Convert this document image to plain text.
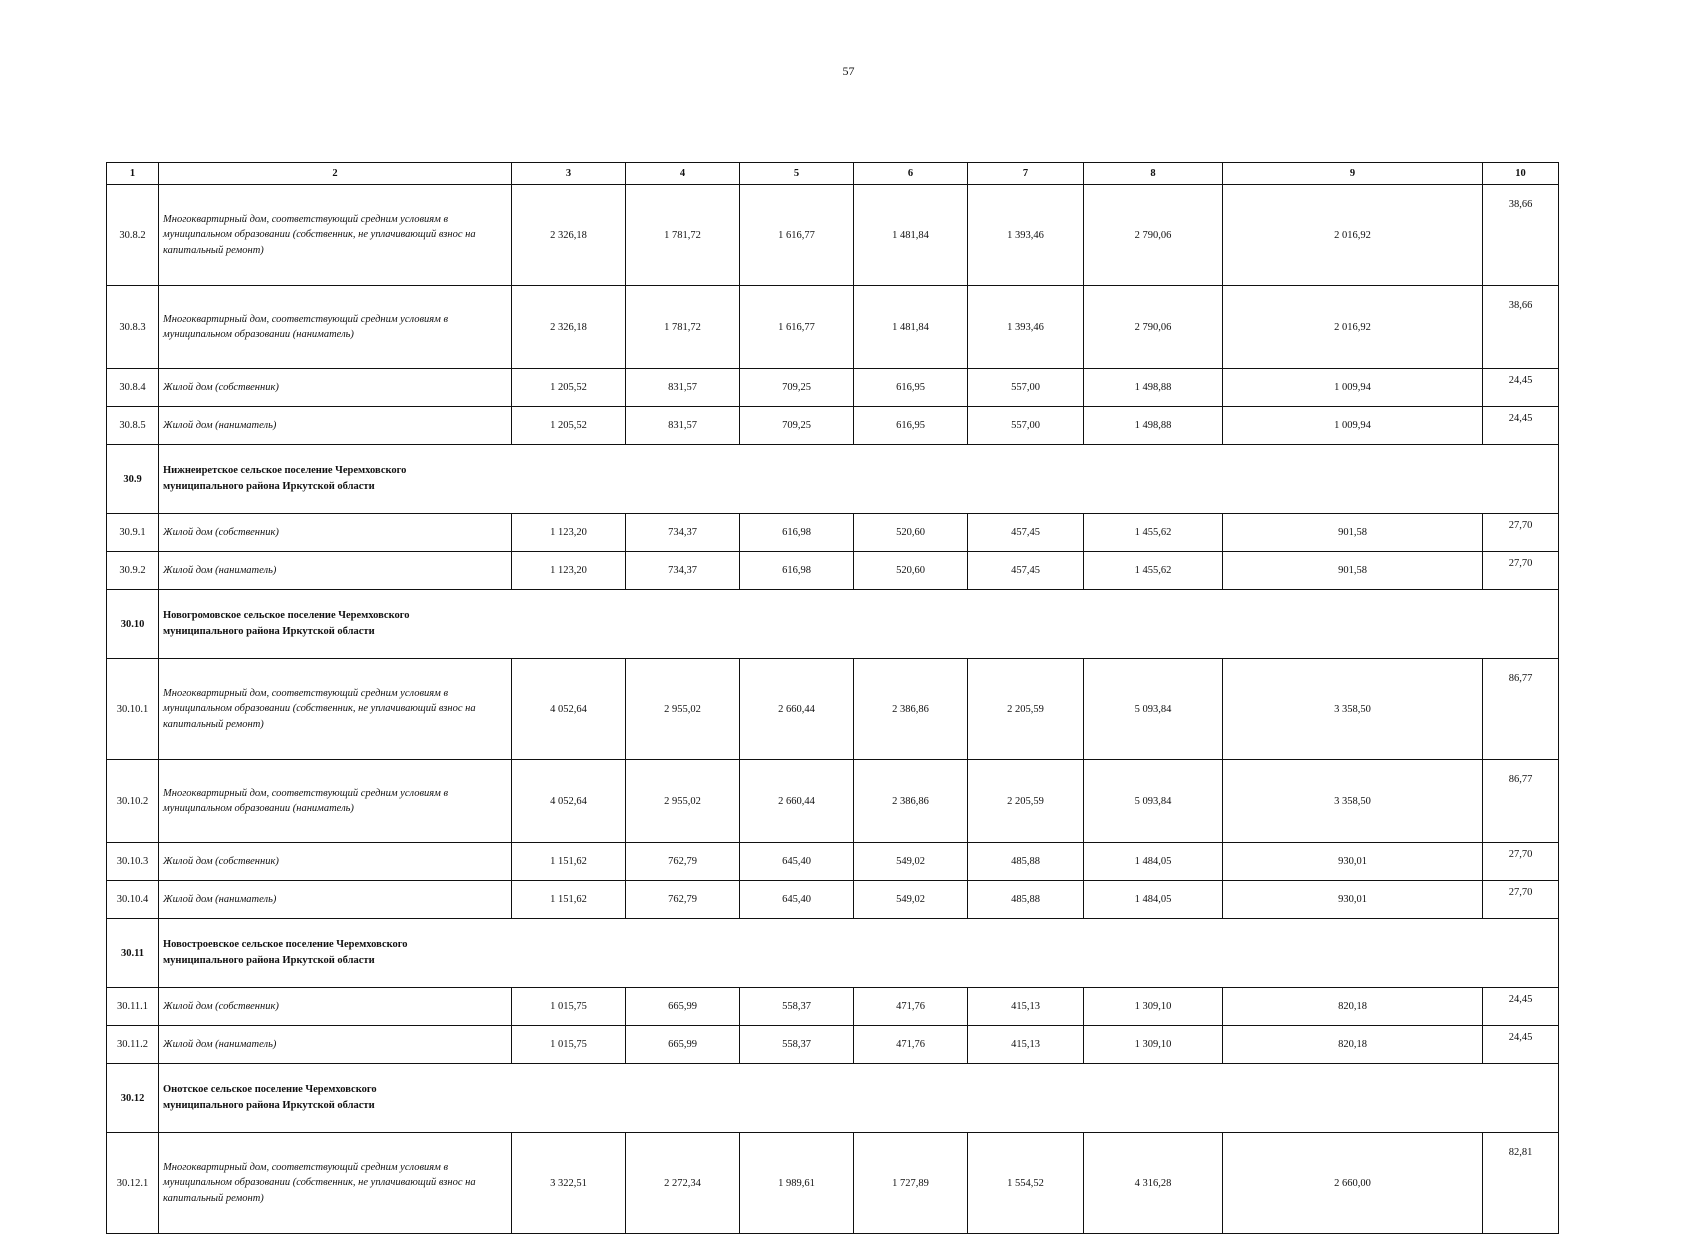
57
1	2	3	4	5	6	7	8	9	10
30.8.2	Многоквартирный дом, соответствующий средним условиям в муниципальном образовании (собственник, не уплачивающий взнос на капитальный ремонт)	2 326,18	1 781,72	1 616,77	1 481,84	1 393,46	2 790,06	2 016,92	38,66
30.8.3	Многоквартирный дом, соответствующий средним условиям в муниципальном образовании (наниматель)	2 326,18	1 781,72	1 616,77	1 481,84	1 393,46	2 790,06	2 016,92	38,66
30.8.4	Жилой дом (собственник)	1 205,52	831,57	709,25	616,95	557,00	1 498,88	1 009,94	24,45
30.8.5	Жилой дом (наниматель)	1 205,52	831,57	709,25	616,95	557,00	1 498,88	1 009,94	24,45
30.9	Нижнеиретское сельское поселение Черемховского муниципального района Иркутской области								

30.9.1	Жилой дом (собственник)	1 123,20	734,37	616,98	520,60	457,45	1 455,62	901,58	27,70
30.9.2	Жилой дом (наниматель)	1 123,20	734,37	616,98	520,60	457,45	1 455,62	901,58	27,70
30.10	Новогромовское сельское поселение Черемховского муниципального района Иркутской области								

30.10.1	Многоквартирный дом, соответствующий средним условиям в муниципальном образовании (собственник, не уплачивающий взнос на капитальный ремонт)	4 052,64	2 955,02	2 660,44	2 386,86	2 205,59	5 093,84	3 358,50	86,77
30.10.2	Многоквартирный дом, соответствующий средним условиям в муниципальном образовании (наниматель)	4 052,64	2 955,02	2 660,44	2 386,86	2 205,59	5 093,84	3 358,50	86,77
30.10.3	Жилой дом (собственник)	1 151,62	762,79	645,40	549,02	485,88	1 484,05	930,01	27,70
30.10.4	Жилой дом (наниматель)	1 151,62	762,79	645,40	549,02	485,88	1 484,05	930,01	27,70
30.11	Новостроевское сельское поселение Черемховского муниципального района Иркутской области								

30.11.1	Жилой дом (собственник)	1 015,75	665,99	558,37	471,76	415,13	1 309,10	820,18	24,45
30.11.2	Жилой дом (наниматель)	1 015,75	665,99	558,37	471,76	415,13	1 309,10	820,18	24,45
30.12	Онотское сельское поселение Черемховского муниципального района Иркутской области								

30.12.1	Многоквартирный дом, соответствующий средним условиям в муниципальном образовании (собственник, не уплачивающий взнос на капитальный ремонт)	3 322,51	2 272,34	1 989,61	1 727,89	1 554,52	4 316,28	2 660,00	82,81
